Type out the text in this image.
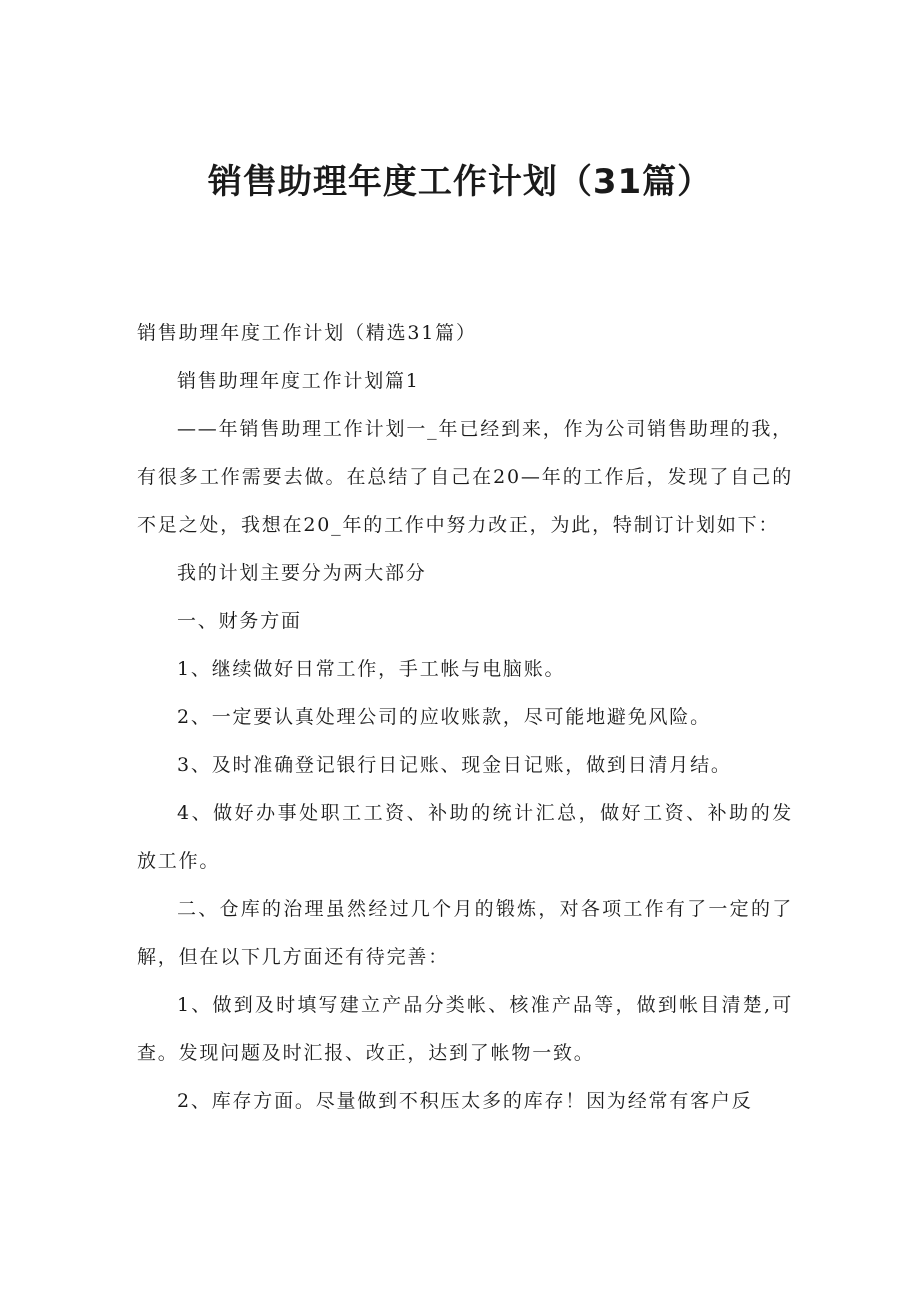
销售助理年度工作计划（31篇）

销售助理年度工作计划（精选31篇）

销售助理年度工作计划篇1

——年销售助理工作计划一_年已经到来，作为公司销售助理的我，有很多工作需要去做。在总结了自己在20—年的工作后，发现了自己的不足之处，我想在20_年的工作中努力改正，为此，特制订计划如下：

我的计划主要分为两大部分

一、财务方面

1、继续做好日常工作，手工帐与电脑账。

2、一定要认真处理公司的应收账款，尽可能地避免风险。

3、及时准确登记银行日记账、现金日记账，做到日清月结。

4、做好办事处职工工资、补助的统计汇总，做好工资、补助的发放工作。

二、仓库的治理虽然经过几个月的锻炼，对各项工作有了一定的了解，但在以下几方面还有待完善：

1、做到及时填写建立产品分类帐、核准产品等，做到帐目清楚,可查。发现问题及时汇报、改正，达到了帐物一致。

2、库存方面。尽量做到不积压太多的库存！因为经常有客户反
